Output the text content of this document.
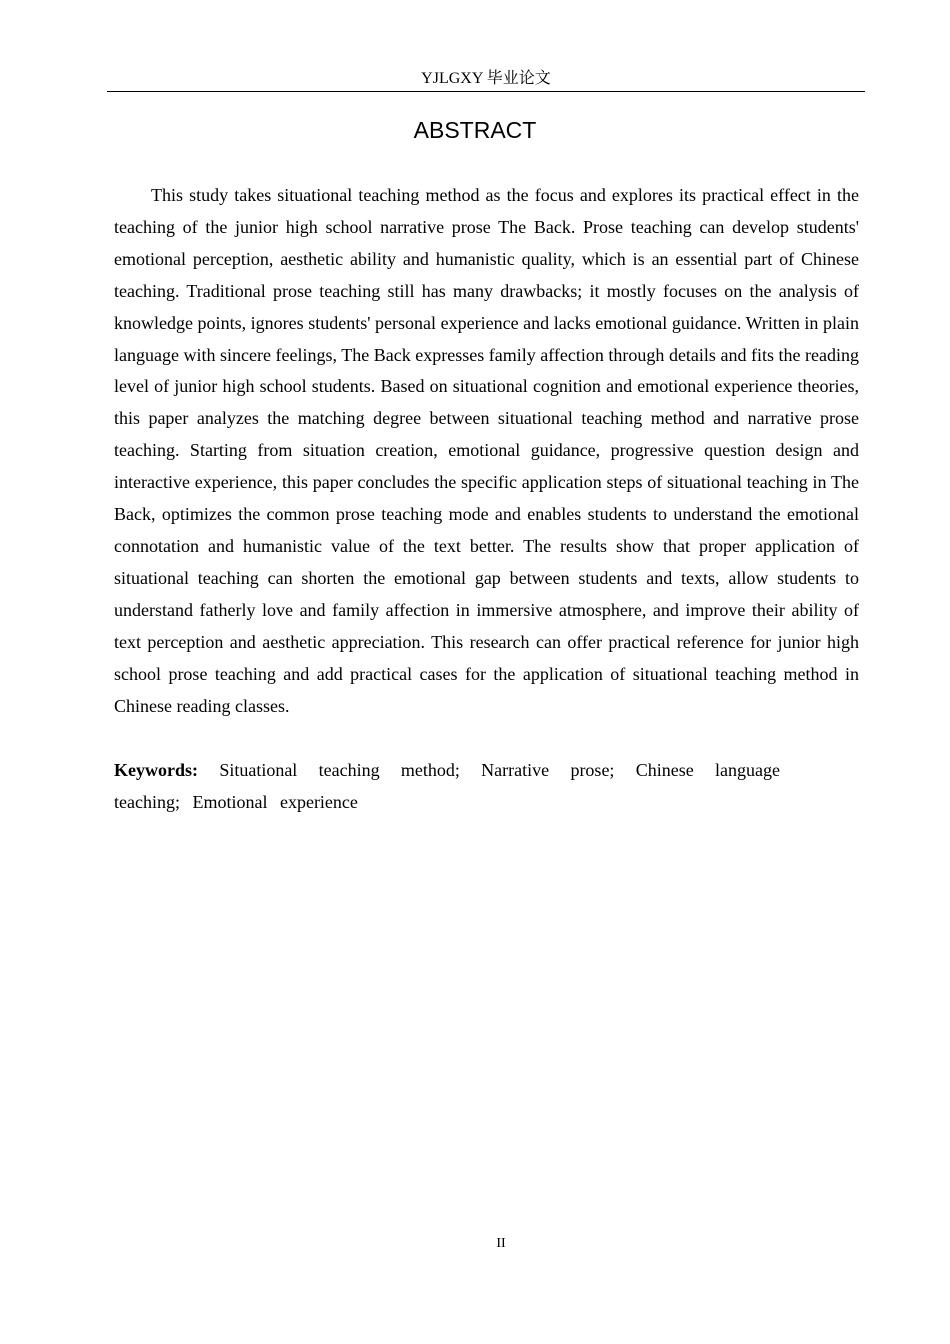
YJLGXY 毕业论文
ABSTRACT

This study takes situational teaching method as the focus and explores its practical effect in the teaching of the junior high school narrative prose The Back. Prose teaching can develop students' emotional perception, aesthetic ability and humanistic quality, which is an essential part of Chinese teaching. Traditional prose teaching still has many drawbacks; it mostly focuses on the analysis of knowledge points, ignores students' personal experience and lacks emotional guidance. Written in plain language with sincere feelings, The Back expresses family affection through details and fits the reading level of junior high school students. Based on situational cognition and emotional experience theories, this paper analyzes the matching degree between situational teaching method and narrative prose teaching. Starting from situation creation, emotional guidance, progressive question design and interactive experience, this paper concludes the specific application steps of situational teaching in The Back, optimizes the common prose teaching mode and enables students to understand the emotional connotation and humanistic value of the text better. The results show that proper application of situational teaching can shorten the emotional gap between students and texts, allow students to understand fatherly love and family affection in immersive atmosphere, and improve their ability of text perception and aesthetic appreciation. This research can offer practical reference for junior high school prose teaching and add practical cases for the application of situational teaching method in Chinese reading classes.

Keywords: Situational teaching method; Narrative prose; Chinese language teaching; Emotional experience

II
